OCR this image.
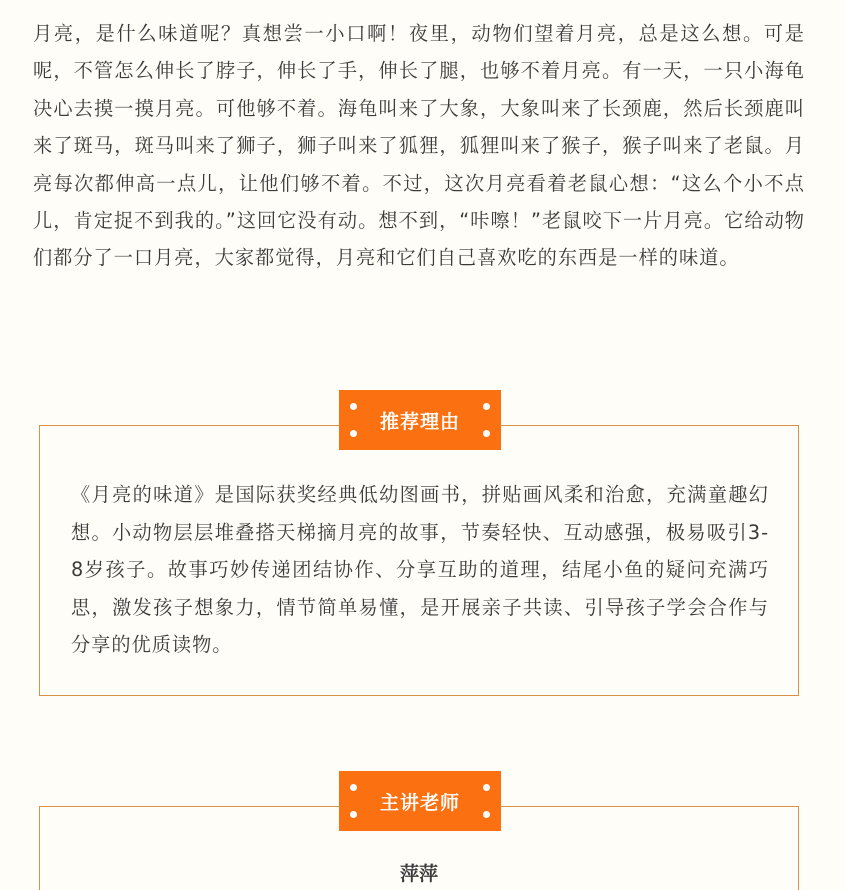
月亮，是什么味道呢？真想尝一小口啊！夜里，动物们望着月亮，总是这么想。可是呢，不管怎么伸长了脖子，伸长了手，伸长了腿，也够不着月亮。有一天，一只小海龟决心去摸一摸月亮。可他够不着。海龟叫来了大象，大象叫来了长颈鹿，然后长颈鹿叫来了斑马，斑马叫来了狮子，狮子叫来了狐狸，狐狸叫来了猴子，猴子叫来了老鼠。月亮每次都伸高一点儿，让他们够不着。不过，这次月亮看着老鼠心想：“这么个小不点儿，肯定捉不到我的。”这回它没有动。想不到，“咔嚓！”老鼠咬下一片月亮。它给动物们都分了一口月亮，大家都觉得，月亮和它们自己喜欢吃的东西是一样的味道。

推荐理由

《月亮的味道》是国际获奖经典低幼图画书，拼贴画风柔和治愈，充满童趣幻想。小动物层层堆叠搭天梯摘月亮的故事，节奏轻快、互动感强，极易吸引3-8岁孩子。故事巧妙传递团结协作、分享互助的道理，结尾小鱼的疑问充满巧思，激发孩子想象力，情节简单易懂，是开展亲子共读、引导孩子学会合作与分享的优质读物。

主讲老师

萍萍
